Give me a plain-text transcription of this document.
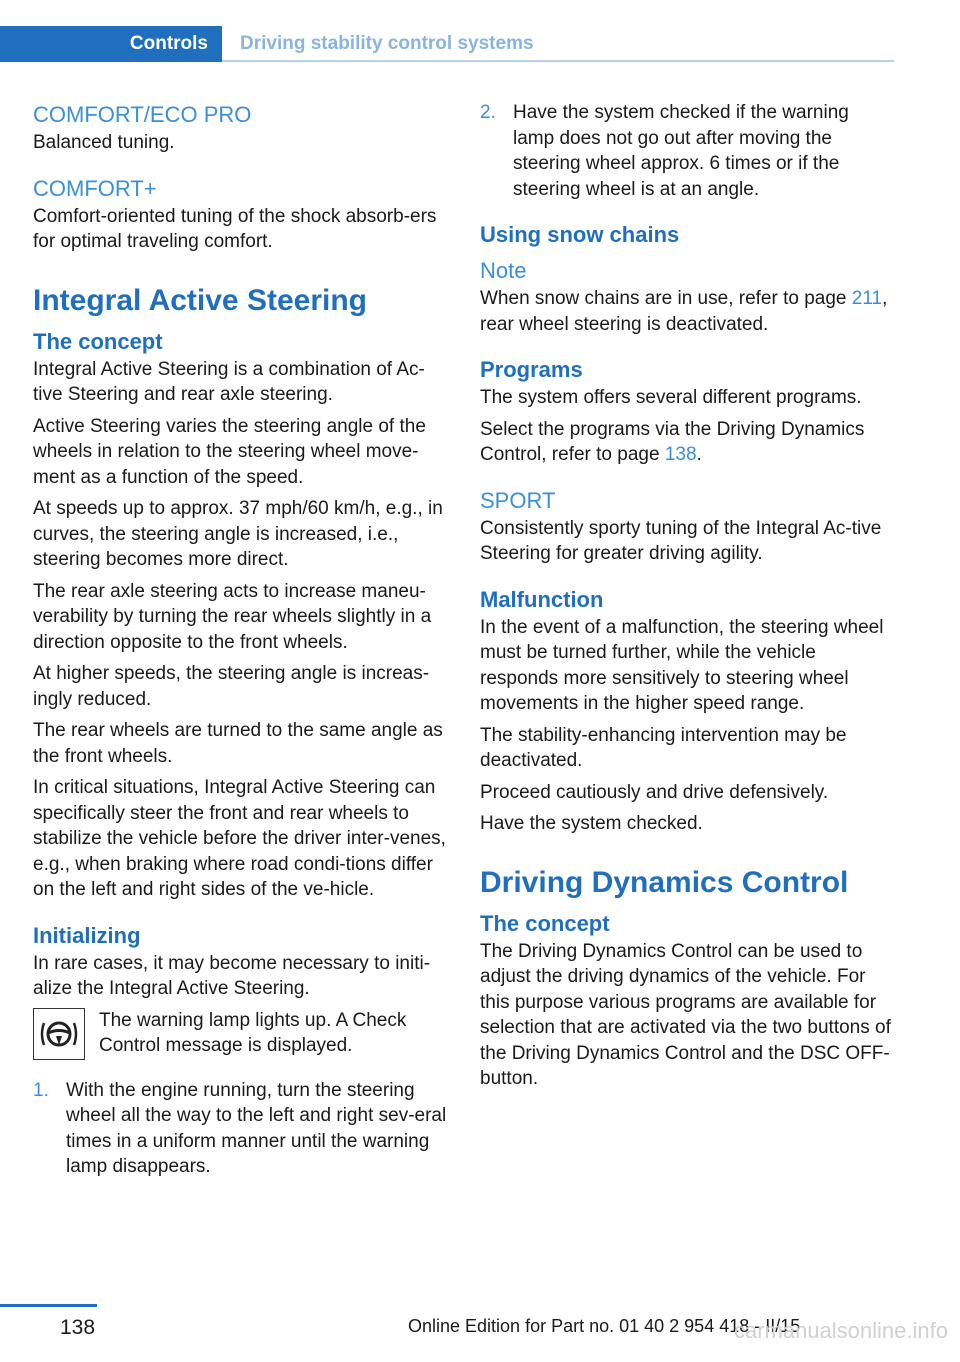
Controls	Driving stability control systems
COMFORT/ECO PRO

Balanced tuning.

COMFORT+

Comfort-oriented tuning of the shock absorb-ers for optimal traveling comfort.

Integral Active Steering
The concept

Integral Active Steering is a combination of Ac-tive Steering and rear axle steering.

Active Steering varies the steering angle of the wheels in relation to the steering wheel move-ment as a function of the speed.

At speeds up to approx. 37 mph/60 km/h, e.g., in curves, the steering angle is increased, i.e., steering becomes more direct.

The rear axle steering acts to increase maneu-verability by turning the rear wheels slightly in a direction opposite to the front wheels.

At higher speeds, the steering angle is increas-ingly reduced.

The rear wheels are turned to the same angle as the front wheels.

In critical situations, Integral Active Steering can specifically steer the front and rear wheels to stabilize the vehicle before the driver inter-venes, e.g., when braking where road condi-tions differ on the left and right sides of the ve-hicle.

Initializing

In rare cases, it may become necessary to initi-alize the Integral Active Steering.

The warning lamp lights up. A Check Control message is displayed.

1. With the engine running, turn the steering wheel all the way to the left and right sev-eral times in a uniform manner until the warning lamp disappears.
2. Have the system checked if the warning lamp does not go out after moving the steering wheel approx. 6 times or if the steering wheel is at an angle.
Using snow chains
Note

When snow chains are in use, refer to page 211, rear wheel steering is deactivated.

Programs

The system offers several different programs.

Select the programs via the Driving Dynamics Control, refer to page 138.

SPORT

Consistently sporty tuning of the Integral Ac-tive Steering for greater driving agility.

Malfunction

In the event of a malfunction, the steering wheel must be turned further, while the vehicle responds more sensitively to steering wheel movements in the higher speed range.

The stability-enhancing intervention may be deactivated.

Proceed cautiously and drive defensively.

Have the system checked.

Driving Dynamics Control
The concept

The Driving Dynamics Control can be used to adjust the driving dynamics of the vehicle. For this purpose various programs are available for selection that are activated via the two buttons of the Driving Dynamics Control and the DSC OFF-button.

138	Online Edition for Part no. 01 40 2 954 418 - II/15
carmanualsonline.info
